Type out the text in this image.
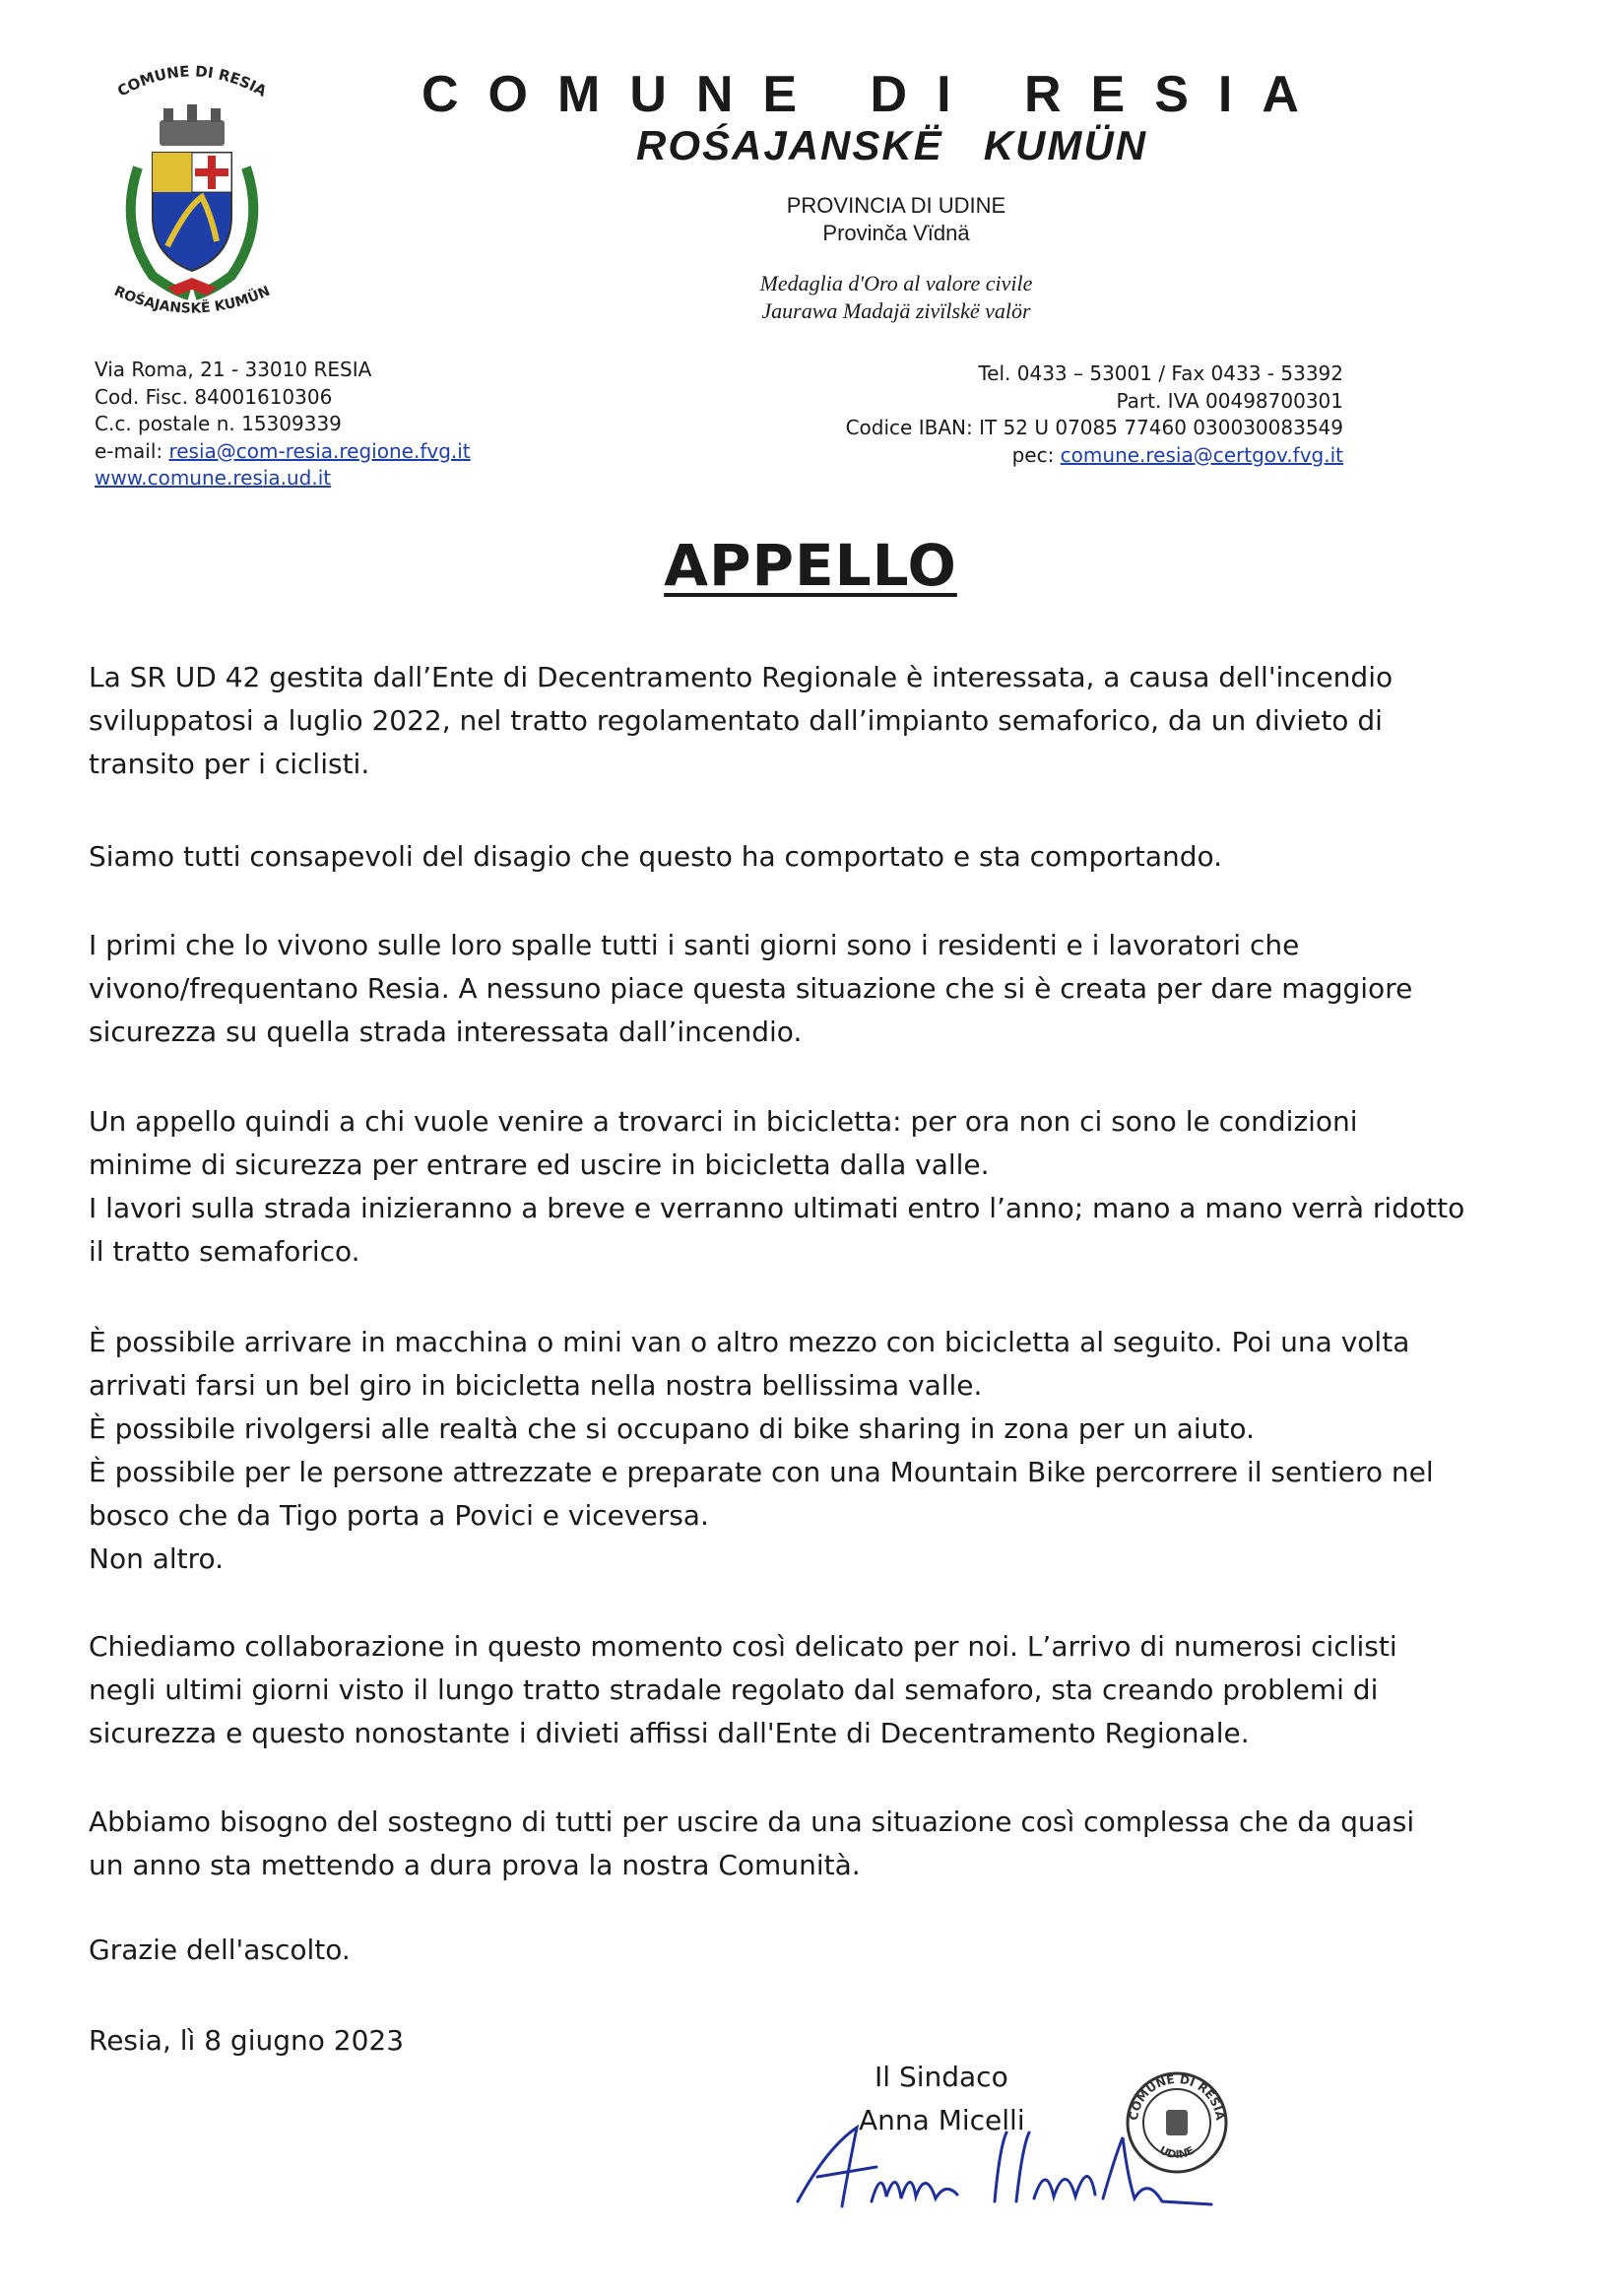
COMUNE DI RESIA
ROŚAJANSKË KUMÜN
COMUNE DI RESIA
ROŚAJANSKË   KUMÜN
PROVINCIA DI UDINE
Provinča Vïdnä
Medaglia d'Oro al valore civile
Jaurawa Madajä zivïlskë valör
Via Roma, 21 - 33010 RESIA
Cod. Fisc. 84001610306
C.c. postale n. 15309339
e-mail: resia@com-resia.regione.fvg.it
www.comune.resia.ud.it
Tel. 0433 – 53001 / Fax 0433 - 53392
Part. IVA 00498700301
Codice IBAN: IT 52 U 07085 77460 030030083549
pec: comune.resia@certgov.fvg.it
APPELLO
La SR UD 42 gestita dall’Ente di Decentramento Regionale è interessata, a causa dell'incendio
sviluppatosi a luglio 2022, nel tratto regolamentato dall’impianto semaforico, da un divieto di
transito per i ciclisti.
Siamo tutti consapevoli del disagio che questo ha comportato e sta comportando.
I primi che lo vivono sulle loro spalle tutti i santi giorni sono i residenti e i lavoratori che
vivono/frequentano Resia. A nessuno piace questa situazione che si è creata per dare maggiore
sicurezza su quella strada interessata dall’incendio.
Un appello quindi a chi vuole venire a trovarci in bicicletta: per ora non ci sono le condizioni
minime di sicurezza per entrare ed uscire in bicicletta dalla valle.
I lavori sulla strada inizieranno a breve e verranno ultimati entro l’anno; mano a mano verrà ridotto
il tratto semaforico.
È possibile arrivare in macchina o mini van o altro mezzo con bicicletta al seguito. Poi una volta
arrivati farsi un bel giro in bicicletta nella nostra bellissima valle.
È possibile rivolgersi alle realtà che si occupano di bike sharing in zona per un aiuto.
È possibile per le persone attrezzate e preparate con una Mountain Bike percorrere il sentiero nel
bosco che da Tigo porta a Povici e viceversa.
Non altro.
Chiediamo collaborazione in questo momento così delicato per noi. L’arrivo di numerosi ciclisti
negli ultimi giorni visto il lungo tratto stradale regolato dal semaforo, sta creando problemi di
sicurezza e questo nonostante i divieti affissi dall'Ente di Decentramento Regionale.
Abbiamo bisogno del sostegno di tutti per uscire da una situazione così complessa che da quasi
un anno sta mettendo a dura prova la nostra Comunità.
Grazie dell'ascolto.
Resia, lì 8 giugno 2023
Il Sindaco
Anna Micelli	COMUNE DI RESIA
UDINE
